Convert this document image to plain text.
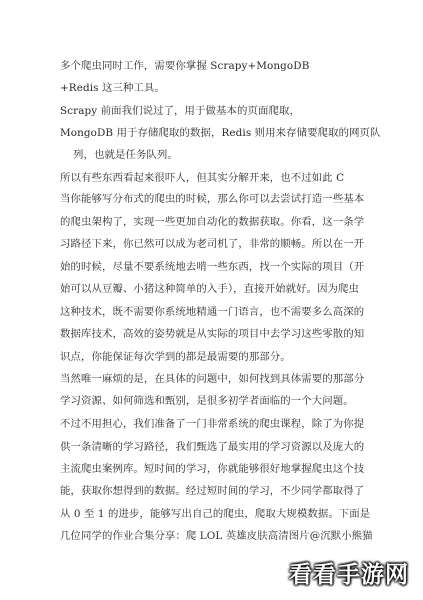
多个爬虫同时工作，需要你掌握 Scrapy+MongoDB
+Redis 这三种工具。
Scrapy 前面我们说过了，用于做基本的页面爬取，
MongoDB 用于存储爬取的数据，Redis 则用来存储要爬取的网页队
列，也就是任务队列。
所以有些东西看起来很吓人，但其实分解开来，也不过如此 C
当你能够写分布式的爬虫的时候，那么你可以去尝试打造一些基本
的爬虫架构了，实现一些更加自动化的数据获取。你看，这一条学
习路径下来，你已然可以成为老司机了，非常的顺畅。所以在一开
始的时候，尽量不要系统地去啃一些东西，找一个实际的项目（开
始可以从豆瓣、小猪这种简单的入手），直接开始就好。因为爬虫
这种技术，既不需要你系统地精通一门语言，也不需要多么高深的
数据库技术，高效的姿势就是从实际的项目中去学习这些零散的知
识点，你能保证每次学到的都是最需要的那部分。
当然唯一麻烦的是，在具体的问题中，如何找到具体需要的那部分
学习资源、如何筛选和甄别，是很多初学者面临的一个大问题。
不过不用担心，我们准备了一门非常系统的爬虫课程，除了为你提
供一条清晰的学习路径，我们甄选了最实用的学习资源以及庞大的
主流爬虫案例库。短时间的学习，你就能够很好地掌握爬虫这个技
能，获取你想得到的数据。经过短时间的学习，不少同学都取得了
从 0 至 1 的进步，能够写出自己的爬虫，爬取大规模数据。下面是
几位同学的作业合集分享：爬 LOL 英雄皮肤高清图片@沉默小熊猫
看看手游网
